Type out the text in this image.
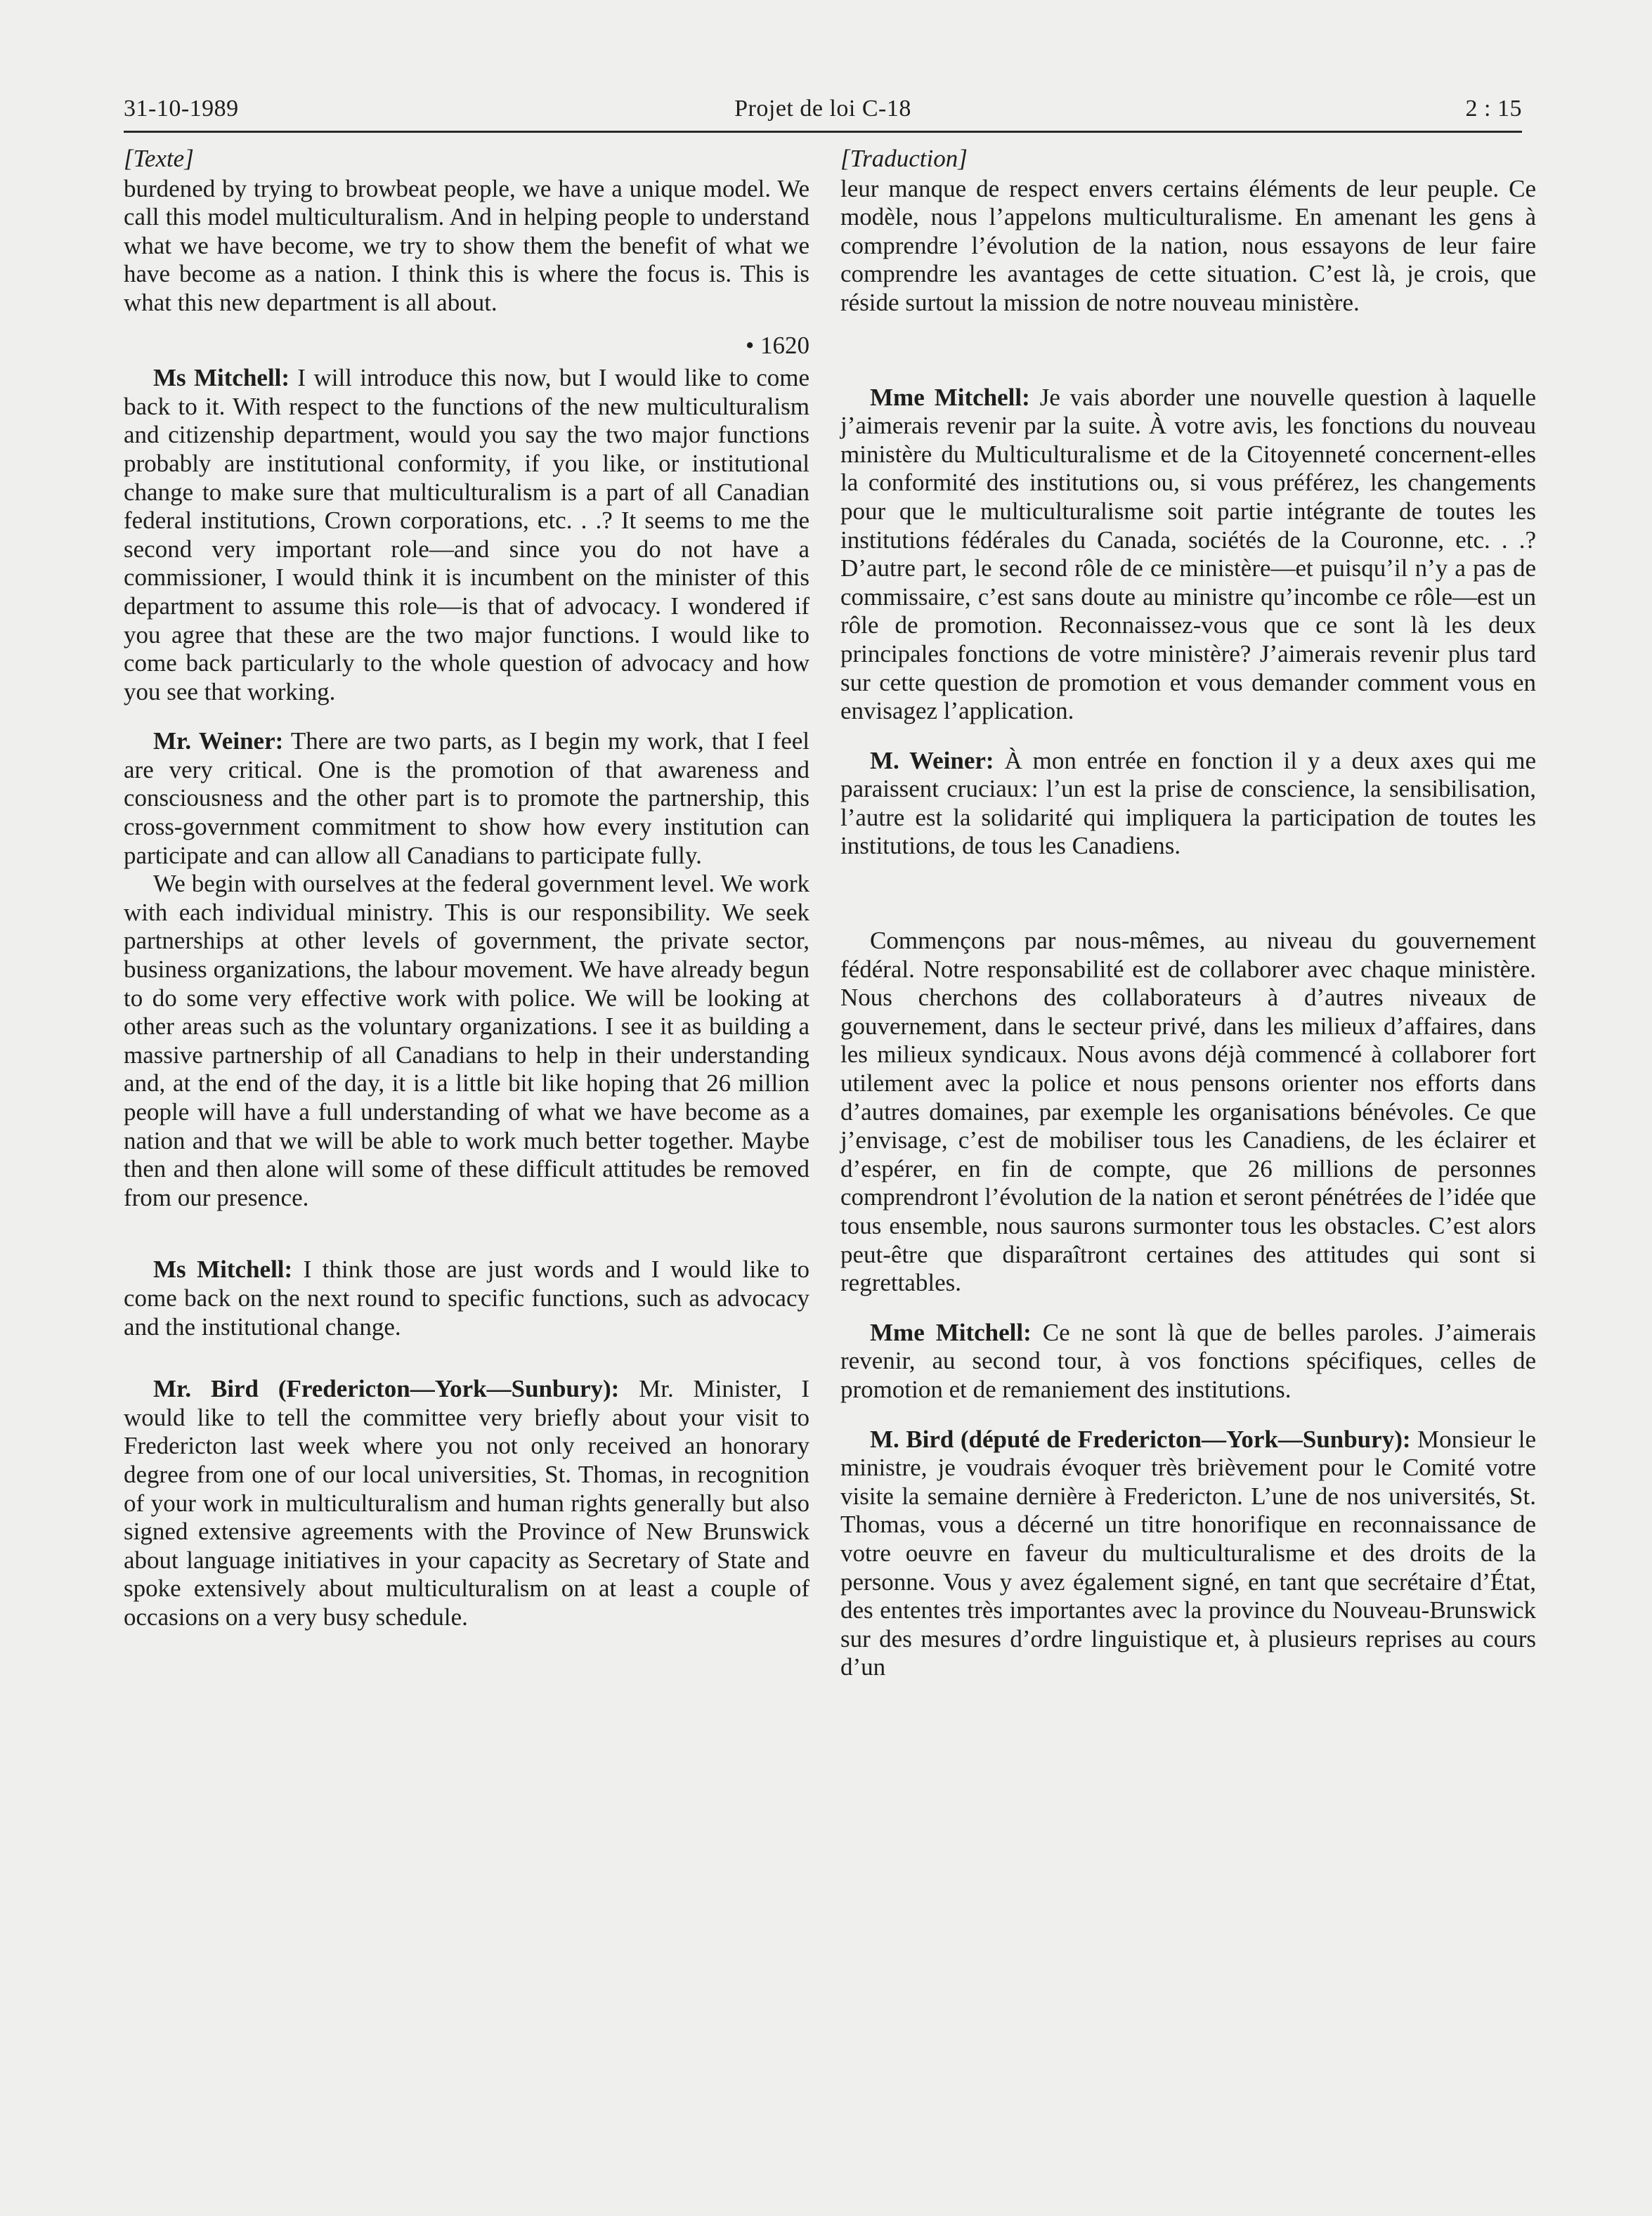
31-10-1989	Projet de loi C-18	2 : 15
[Texte]

burdened by trying to browbeat people, we have a unique model. We call this model multiculturalism. And in helping people to understand what we have become, we try to show them the benefit of what we have become as a nation. I think this is where the focus is. This is what this new department is all about.

• 1620

Ms Mitchell: I will introduce this now, but I would like to come back to it. With respect to the functions of the new multiculturalism and citizenship department, would you say the two major functions probably are institutional conformity, if you like, or institutional change to make sure that multiculturalism is a part of all Canadian federal institutions, Crown corporations, etc. . .? It seems to me the second very important role—and since you do not have a commissioner, I would think it is incumbent on the minister of this department to assume this role—is that of advocacy. I wondered if you agree that these are the two major functions. I would like to come back particularly to the whole question of advocacy and how you see that working.

Mr. Weiner: There are two parts, as I begin my work, that I feel are very critical. One is the promotion of that awareness and consciousness and the other part is to promote the partnership, this cross-government commitment to show how every institution can participate and can allow all Canadians to participate fully.

We begin with ourselves at the federal government level. We work with each individual ministry. This is our responsibility. We seek partnerships at other levels of government, the private sector, business organizations, the labour movement. We have already begun to do some very effective work with police. We will be looking at other areas such as the voluntary organizations. I see it as building a massive partnership of all Canadians to help in their understanding and, at the end of the day, it is a little bit like hoping that 26 million people will have a full understanding of what we have become as a nation and that we will be able to work much better together. Maybe then and then alone will some of these difficult attitudes be removed from our presence.

Ms Mitchell: I think those are just words and I would like to come back on the next round to specific functions, such as advocacy and the institutional change.

Mr. Bird (Fredericton—York—Sunbury): Mr. Minister, I would like to tell the committee very briefly about your visit to Fredericton last week where you not only received an honorary degree from one of our local universities, St. Thomas, in recognition of your work in multiculturalism and human rights generally but also signed extensive agreements with the Province of New Brunswick about language initiatives in your capacity as Secretary of State and spoke extensively about multiculturalism on at least a couple of occasions on a very busy schedule.

[Traduction]

leur manque de respect envers certains éléments de leur peuple. Ce modèle, nous l’appelons multiculturalisme. En amenant les gens à comprendre l’évolution de la nation, nous essayons de leur faire comprendre les avantages de cette situation. C’est là, je crois, que réside surtout la mission de notre nouveau ministère.

Mme Mitchell: Je vais aborder une nouvelle question à laquelle j’aimerais revenir par la suite. À votre avis, les fonctions du nouveau ministère du Multiculturalisme et de la Citoyenneté concernent-elles la conformité des institutions ou, si vous préférez, les changements pour que le multiculturalisme soit partie intégrante de toutes les institutions fédérales du Canada, sociétés de la Couronne, etc. . .? D’autre part, le second rôle de ce ministère—et puisqu’il n’y a pas de commissaire, c’est sans doute au ministre qu’incombe ce rôle—est un rôle de promotion. Reconnaissez-vous que ce sont là les deux principales fonctions de votre ministère? J’aimerais revenir plus tard sur cette question de promotion et vous demander comment vous en envisagez l’application.

M. Weiner: À mon entrée en fonction il y a deux axes qui me paraissent cruciaux: l’un est la prise de conscience, la sensibilisation, l’autre est la solidarité qui impliquera la participation de toutes les institutions, de tous les Canadiens.

Commençons par nous-mêmes, au niveau du gouvernement fédéral. Notre responsabilité est de collaborer avec chaque ministère. Nous cherchons des collaborateurs à d’autres niveaux de gouvernement, dans le secteur privé, dans les milieux d’affaires, dans les milieux syndicaux. Nous avons déjà commencé à collaborer fort utilement avec la police et nous pensons orienter nos efforts dans d’autres domaines, par exemple les organisations bénévoles. Ce que j’envisage, c’est de mobiliser tous les Canadiens, de les éclairer et d’espérer, en fin de compte, que 26 millions de personnes comprendront l’évolution de la nation et seront pénétrées de l’idée que tous ensemble, nous saurons surmonter tous les obstacles. C’est alors peut-être que disparaîtront certaines des attitudes qui sont si regrettables.

Mme Mitchell: Ce ne sont là que de belles paroles. J’aimerais revenir, au second tour, à vos fonctions spécifiques, celles de promotion et de remaniement des institutions.

M. Bird (député de Fredericton—York—Sunbury): Monsieur le ministre, je voudrais évoquer très brièvement pour le Comité votre visite la semaine dernière à Fredericton. L’une de nos universités, St. Thomas, vous a décerné un titre honorifique en reconnaissance de votre oeuvre en faveur du multiculturalisme et des droits de la personne. Vous y avez également signé, en tant que secrétaire d’État, des ententes très importantes avec la province du Nouveau-Brunswick sur des mesures d’ordre linguistique et, à plusieurs reprises au cours d’un
